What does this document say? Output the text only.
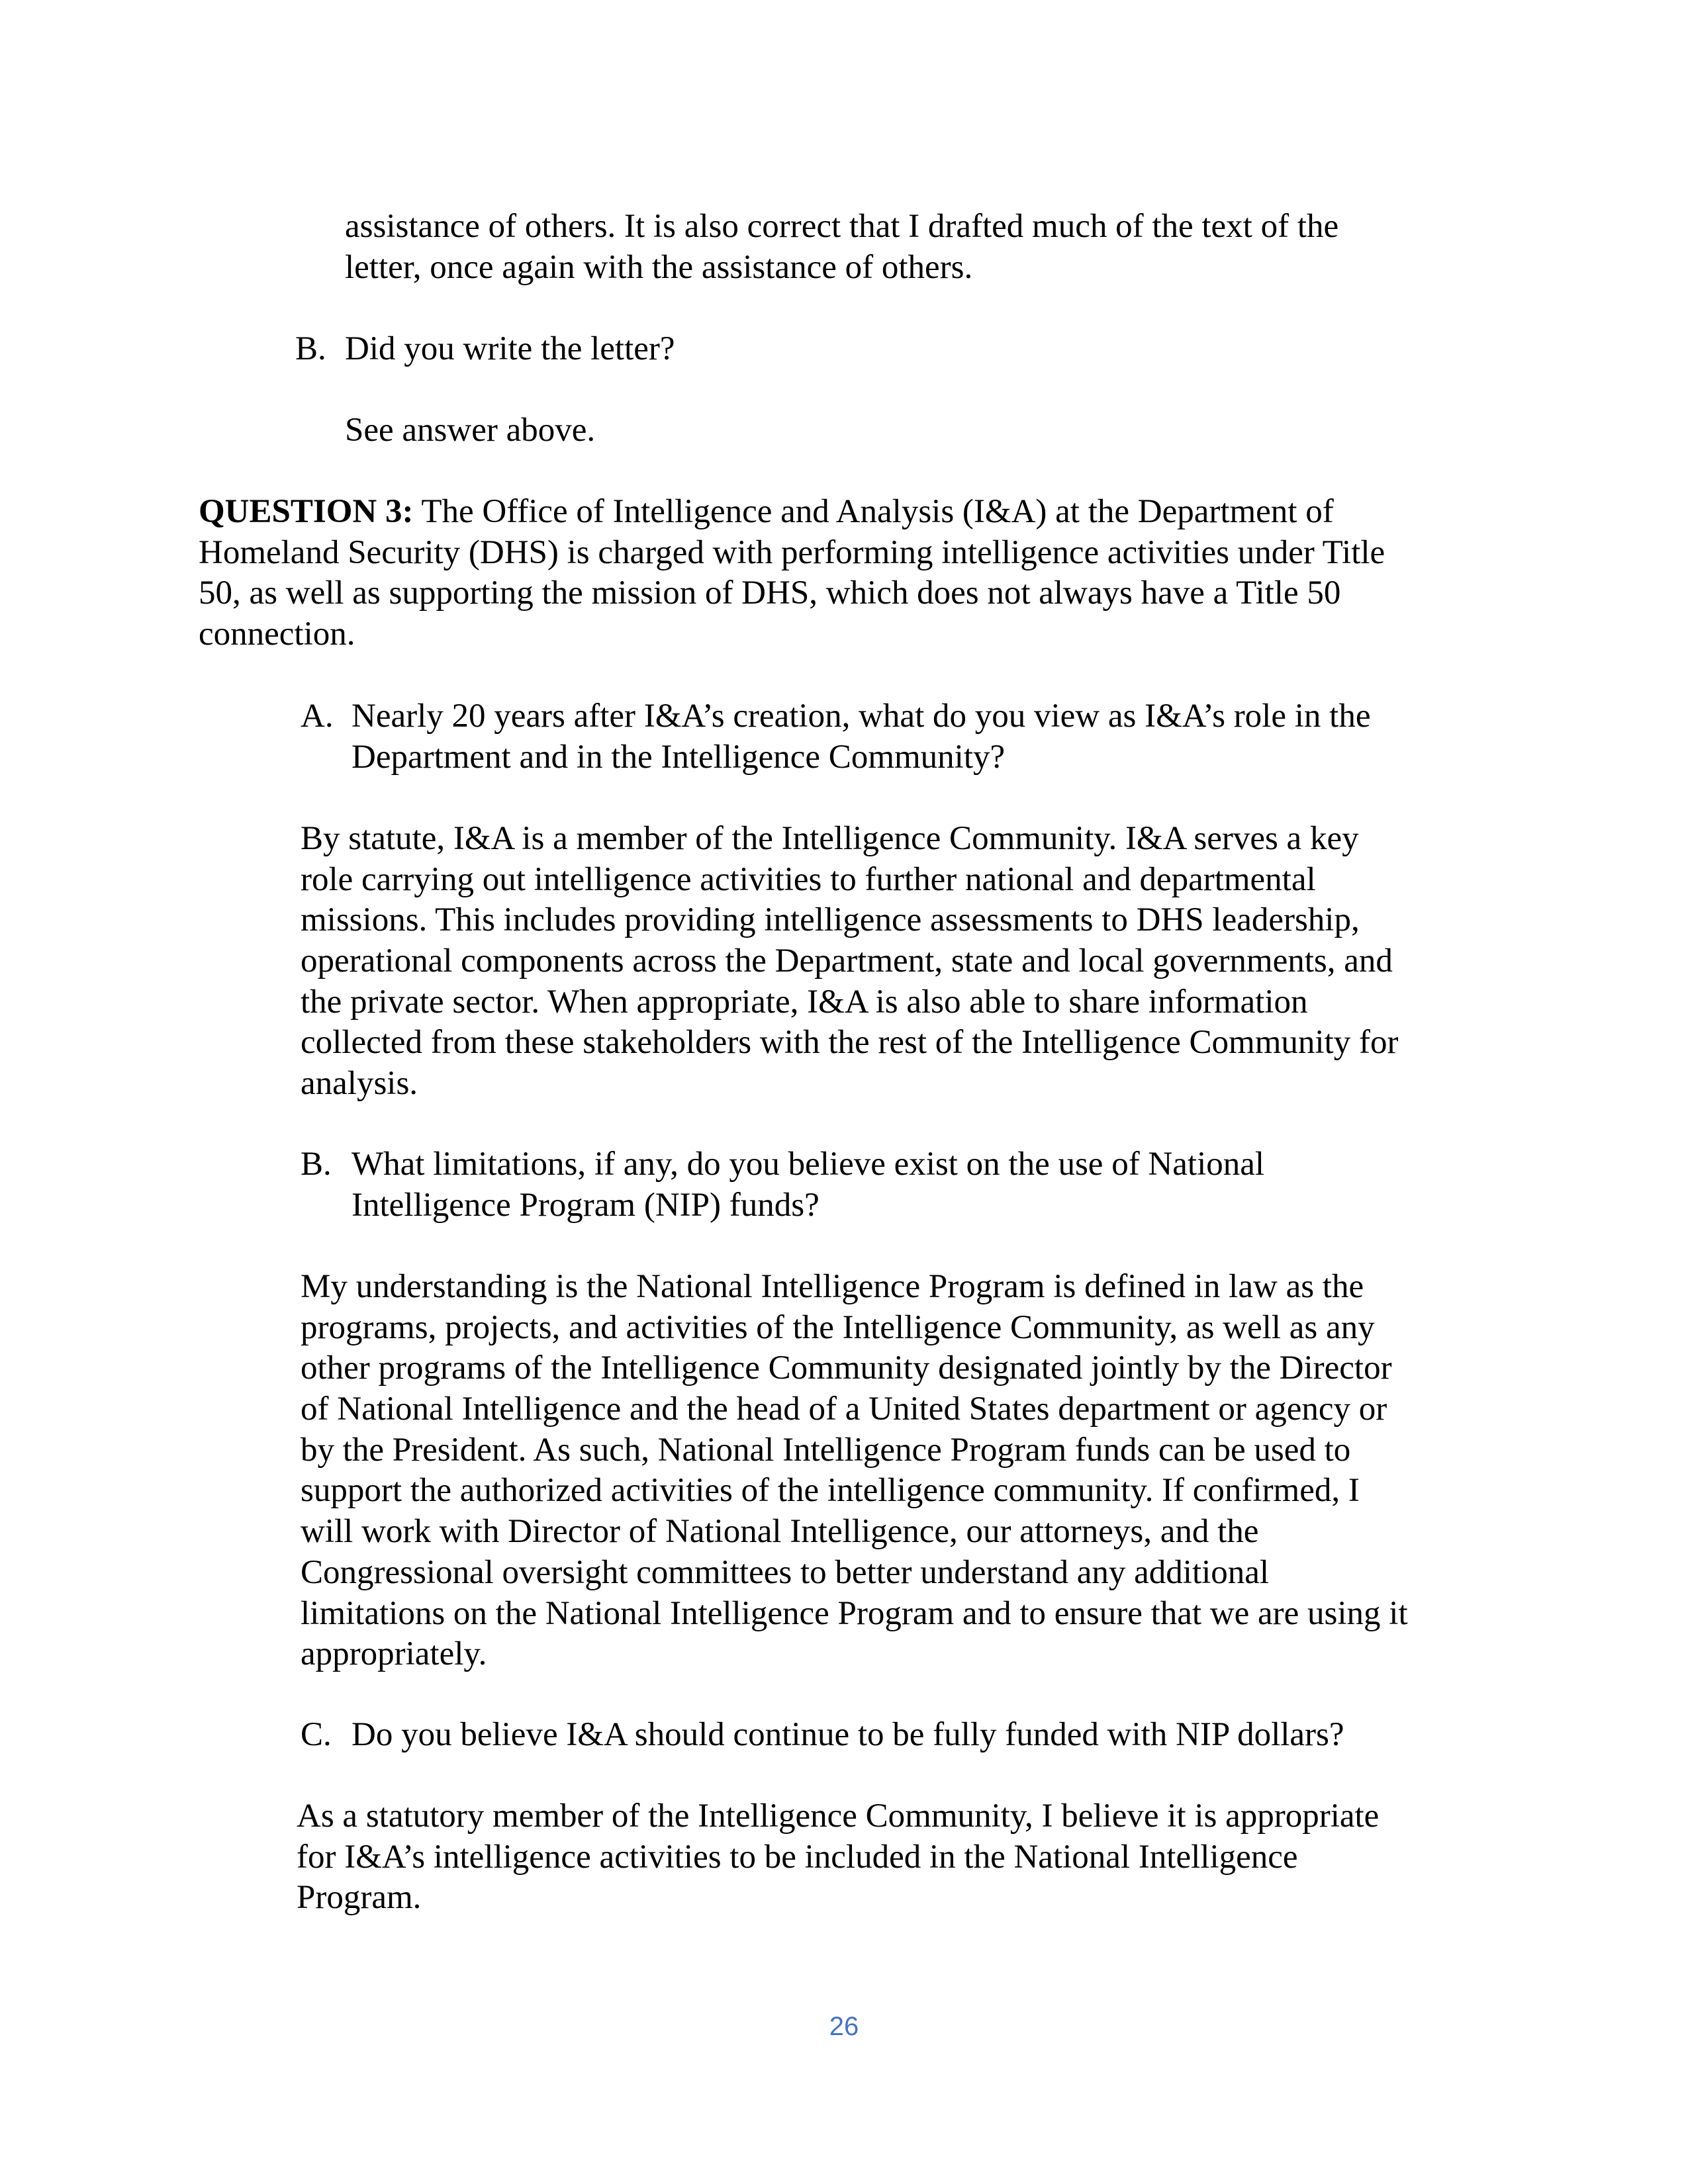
assistance of others. It is also correct that I drafted much of the text of the
letter, once again with the assistance of others.
B. Did you write the letter?
See answer above.
QUESTION 3: The Office of Intelligence and Analysis (I&A) at the Department of
Homeland Security (DHS) is charged with performing intelligence activities under Title
50, as well as supporting the mission of DHS, which does not always have a Title 50
connection.
A. Nearly 20 years after I&A’s creation, what do you view as I&A’s role in the
Department and in the Intelligence Community?
By statute, I&A is a member of the Intelligence Community. I&A serves a key
role carrying out intelligence activities to further national and departmental
missions. This includes providing intelligence assessments to DHS leadership,
operational components across the Department, state and local governments, and
the private sector. When appropriate, I&A is also able to share information
collected from these stakeholders with the rest of the Intelligence Community for
analysis.
B. What limitations, if any, do you believe exist on the use of National
Intelligence Program (NIP) funds?
My understanding is the National Intelligence Program is defined in law as the
programs, projects, and activities of the Intelligence Community, as well as any
other programs of the Intelligence Community designated jointly by the Director
of National Intelligence and the head of a United States department or agency or
by the President. As such, National Intelligence Program funds can be used to
support the authorized activities of the intelligence community. If confirmed, I
will work with Director of National Intelligence, our attorneys, and the
Congressional oversight committees to better understand any additional
limitations on the National Intelligence Program and to ensure that we are using it
appropriately.
C. Do you believe I&A should continue to be fully funded with NIP dollars?
As a statutory member of the Intelligence Community, I believe it is appropriate
for I&A’s intelligence activities to be included in the National Intelligence
Program.
26
